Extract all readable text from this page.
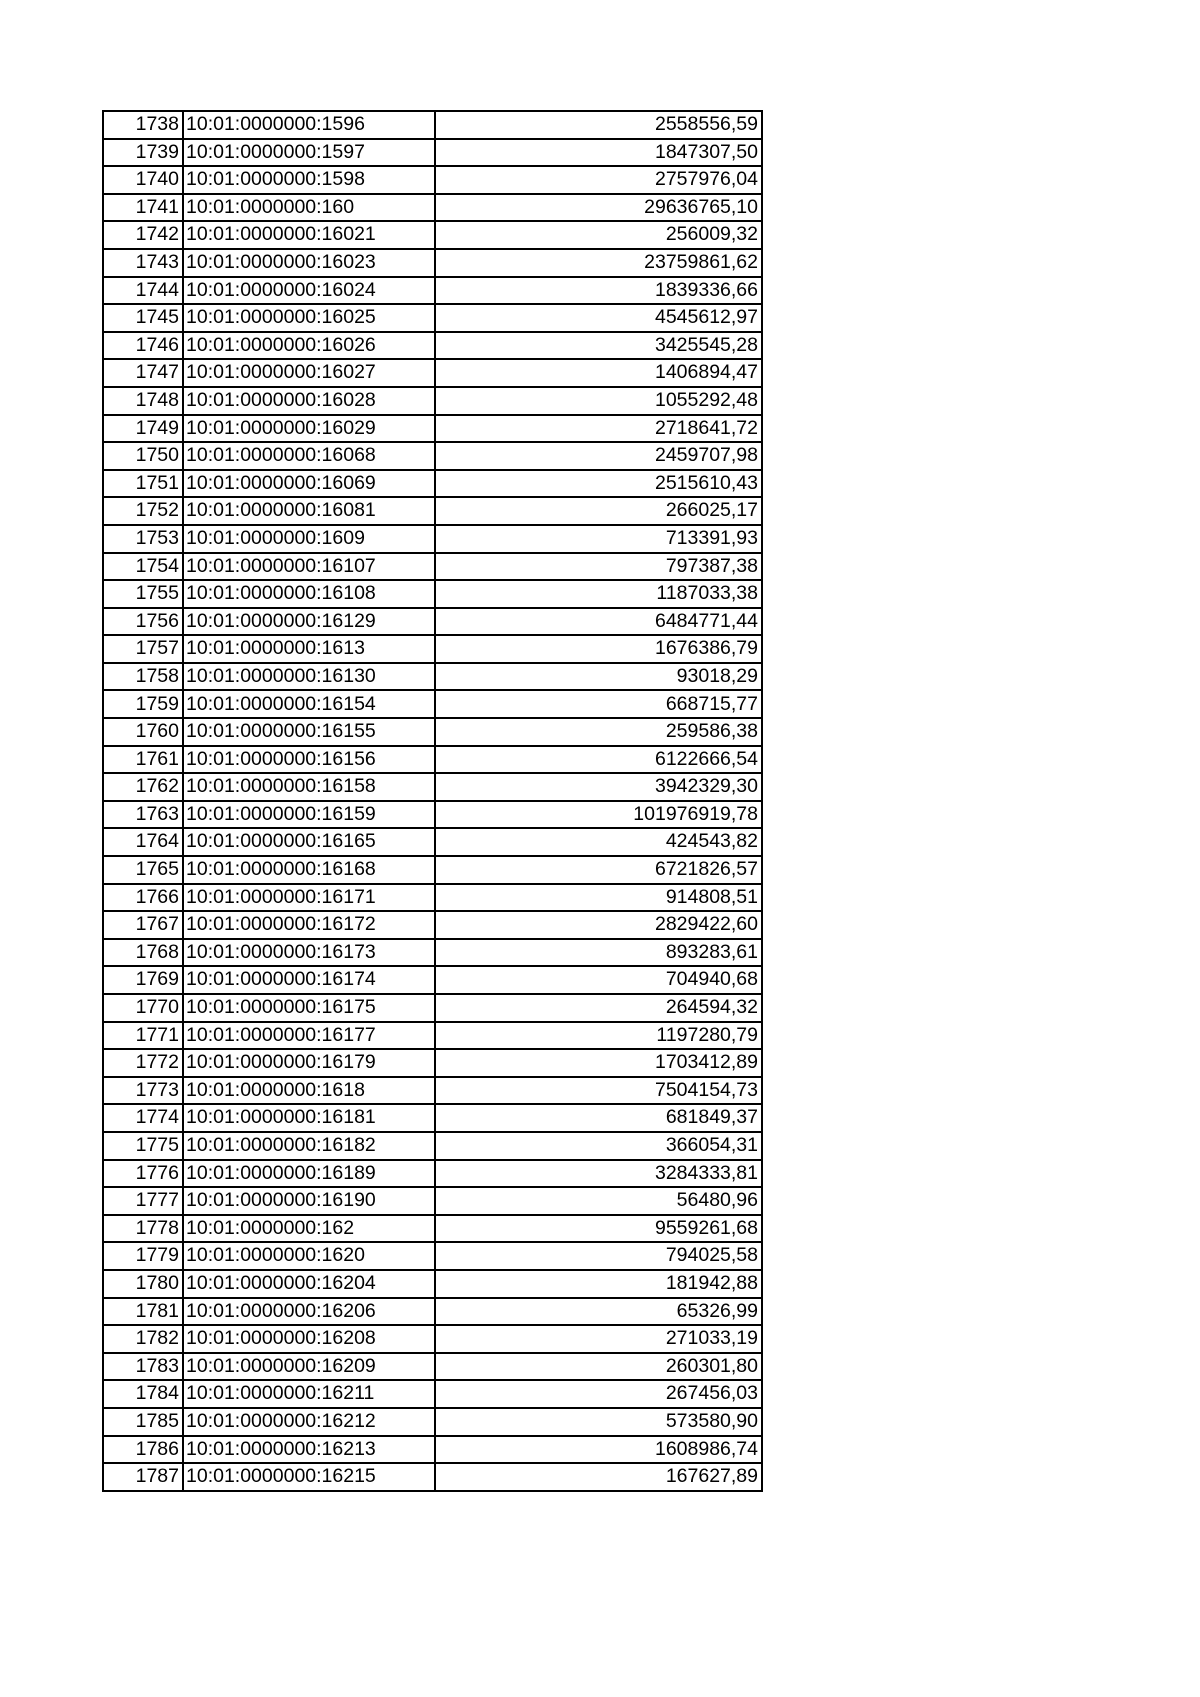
1738	10:01:0000000:1596	2558556,59
1739	10:01:0000000:1597	1847307,50
1740	10:01:0000000:1598	2757976,04
1741	10:01:0000000:160	29636765,10
1742	10:01:0000000:16021	256009,32
1743	10:01:0000000:16023	23759861,62
1744	10:01:0000000:16024	1839336,66
1745	10:01:0000000:16025	4545612,97
1746	10:01:0000000:16026	3425545,28
1747	10:01:0000000:16027	1406894,47
1748	10:01:0000000:16028	1055292,48
1749	10:01:0000000:16029	2718641,72
1750	10:01:0000000:16068	2459707,98
1751	10:01:0000000:16069	2515610,43
1752	10:01:0000000:16081	266025,17
1753	10:01:0000000:1609	713391,93
1754	10:01:0000000:16107	797387,38
1755	10:01:0000000:16108	1187033,38
1756	10:01:0000000:16129	6484771,44
1757	10:01:0000000:1613	1676386,79
1758	10:01:0000000:16130	93018,29
1759	10:01:0000000:16154	668715,77
1760	10:01:0000000:16155	259586,38
1761	10:01:0000000:16156	6122666,54
1762	10:01:0000000:16158	3942329,30
1763	10:01:0000000:16159	101976919,78
1764	10:01:0000000:16165	424543,82
1765	10:01:0000000:16168	6721826,57
1766	10:01:0000000:16171	914808,51
1767	10:01:0000000:16172	2829422,60
1768	10:01:0000000:16173	893283,61
1769	10:01:0000000:16174	704940,68
1770	10:01:0000000:16175	264594,32
1771	10:01:0000000:16177	1197280,79
1772	10:01:0000000:16179	1703412,89
1773	10:01:0000000:1618	7504154,73
1774	10:01:0000000:16181	681849,37
1775	10:01:0000000:16182	366054,31
1776	10:01:0000000:16189	3284333,81
1777	10:01:0000000:16190	56480,96
1778	10:01:0000000:162	9559261,68
1779	10:01:0000000:1620	794025,58
1780	10:01:0000000:16204	181942,88
1781	10:01:0000000:16206	65326,99
1782	10:01:0000000:16208	271033,19
1783	10:01:0000000:16209	260301,80
1784	10:01:0000000:16211	267456,03
1785	10:01:0000000:16212	573580,90
1786	10:01:0000000:16213	1608986,74
1787	10:01:0000000:16215	167627,89
